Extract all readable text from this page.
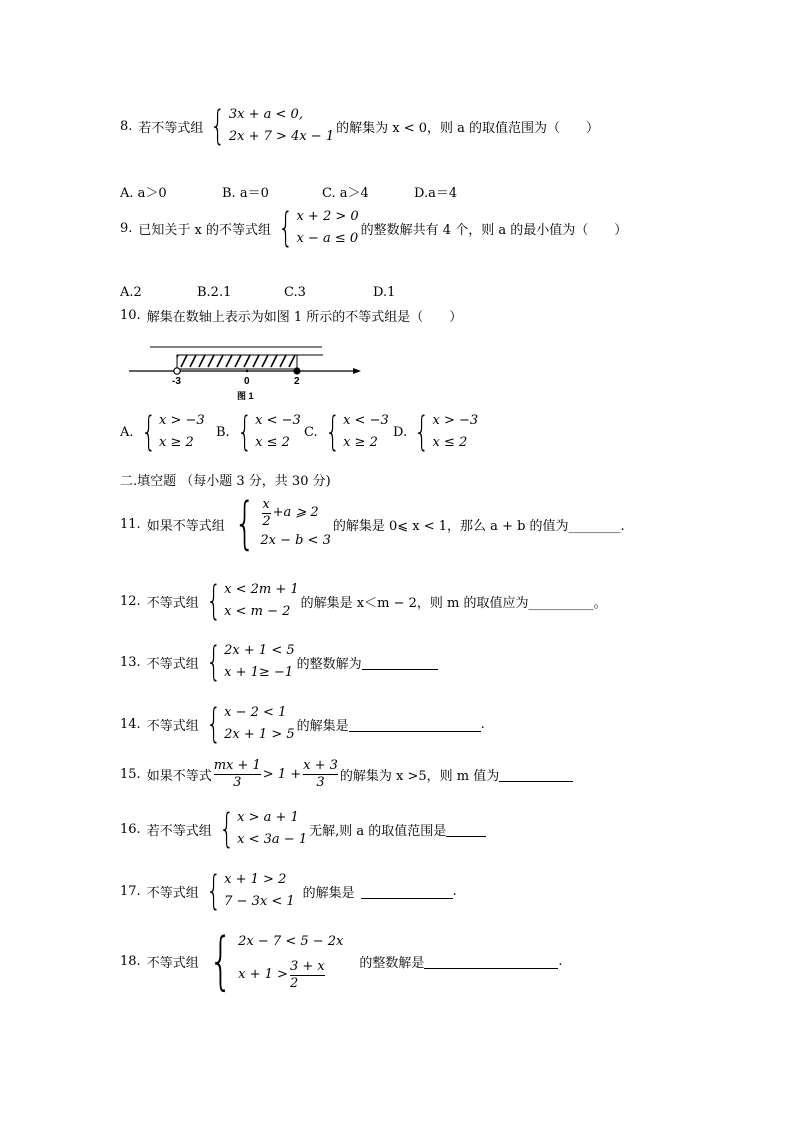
8. 若不等式组 { 3x + a < 0,
2x + 7 > 4x − 1
的解集为 x < 0，则 a 的取值范围为（　　）
A. a＞0	B. a＝0	C. a＞4	D.a＝4
9. 已知关于 x 的不等式组 { x + 2 > 0
x − a ≤ 0
的整数解共有 4 个，则 a 的最小值为（　　）
A.2	B.2.1	C.3	D.1
10. 解集在数轴上表示为如图 1 所示的不等式组是（　　）
-3	0	2
图 1
A. { x > −3
x ≥ 2
B. { x < −3
x ≤ 2
C. { x < −3
x ≥ 2
D. { x > −3
x ≤ 2
二.填空题 （每小题 3 分，共 30 分)
11. 如果不等式组 { $\frac{x}{2} +a$ ⩾ 2
2x − b < 3
的解集是 0⩽ x < 1，那么 a + b 的值为________.
12. 不等式组 { x < 2m + 1
x < m − 2
的解集是 x＜m − 2，则 m 的取值应为__________。
13. 不等式组 { 2x + 1 < 5
x + 1≥ −1
的整数解为
14. 不等式组 { x − 2 < 1
2x + 1 > 5
的解集是	.
15. 如果不等式 $\frac{mx + 1}{3} > 1 + \frac{x + 3}{3}$ 的解集为 x >5，则 m 值为
16. 若不等式组 { x > a + 1
x < 3a − 1
无解,则 a 的取值范围是
17. 不等式组 { x + 1 > 2
7 − 3x < 1
的解集是	.
18. 不等式组 { 2x − 7 < 5 − 2x
$x + 1 > \frac{3 + x}{2}$	的整数解是	.
